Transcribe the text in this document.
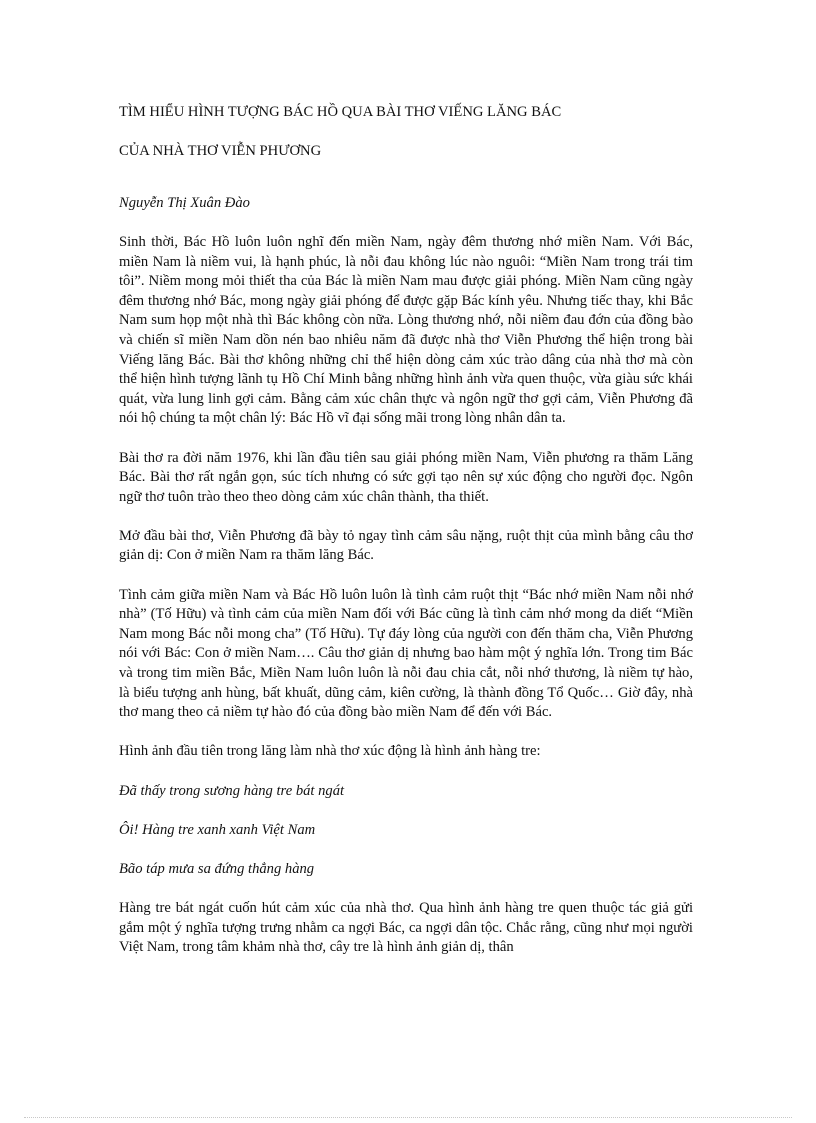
TÌM HIỂU HÌNH TƯỢNG BÁC HỒ QUA BÀI THƠ VIẾNG LĂNG BÁC
CỦA NHÀ THƠ VIỄN PHƯƠNG

Nguyễn Thị Xuân Đào

Sinh thời, Bác Hồ luôn luôn nghĩ đến miền Nam, ngày đêm thương nhớ miền Nam. Với Bác, miền Nam là niềm vui, là hạnh phúc, là nỗi đau không lúc nào nguôi: “Miền Nam trong trái tim tôi”. Niềm mong mỏi thiết tha của Bác là miền Nam mau được giải phóng. Miền Nam cũng ngày đêm thương nhớ Bác, mong ngày giải phóng để được gặp Bác kính yêu. Nhưng tiếc thay, khi Bắc Nam sum họp một nhà thì Bác không còn nữa. Lòng thương nhớ, nỗi niềm đau đớn của đồng bào và chiến sĩ miền Nam dồn nén bao nhiêu năm đã được nhà thơ Viễn Phương thể hiện trong bài Viếng lăng Bác. Bài thơ không những chỉ thể hiện dòng cảm xúc trào dâng của nhà thơ mà còn thể hiện hình tượng lãnh tụ Hồ Chí Minh bằng những hình ảnh vừa quen thuộc, vừa giàu sức khái quát, vừa lung linh gợi cảm. Bằng cảm xúc chân thực và ngôn ngữ thơ gợi cảm, Viễn Phương đã nói hộ chúng ta một chân lý: Bác Hồ vĩ đại sống mãi trong lòng nhân dân ta.

Bài thơ ra đời năm 1976, khi lần đầu tiên sau giải phóng miền Nam, Viễn phương ra thăm Lăng Bác. Bài thơ rất ngắn gọn, súc tích nhưng có sức gợi tạo nên sự xúc động cho người đọc. Ngôn ngữ thơ tuôn trào theo theo dòng cảm xúc chân thành, tha thiết.

Mở đầu bài thơ, Viễn Phương đã bày tỏ ngay tình cảm sâu nặng, ruột thịt của mình bằng câu thơ giản dị: Con ở miền Nam ra thăm lăng Bác.

Tình cảm giữa miền Nam và Bác Hồ luôn luôn là tình cảm ruột thịt “Bác nhớ miền Nam nỗi nhớ nhà” (Tố Hữu) và tình cảm của miền Nam đối với Bác cũng là tình cảm nhớ mong da diết “Miền Nam mong Bác nỗi mong cha” (Tố Hữu). Tự đáy lòng của người con đến thăm cha, Viễn Phương nói với Bác: Con ở miền Nam…. Câu thơ giản dị nhưng bao hàm một ý nghĩa lớn. Trong tim Bác và trong tim miền Bắc, Miền Nam luôn luôn là nỗi đau chia cắt, nỗi nhớ thương, là niềm tự hào, là biểu tượng anh hùng, bất khuất, dũng cảm, kiên cường, là thành đồng Tổ Quốc… Giờ đây, nhà thơ mang theo cả niềm tự hào đó của đồng bào miền Nam để đến với Bác.

Hình ảnh đầu tiên trong lăng làm nhà thơ xúc động là hình ảnh hàng tre:

Đã thấy trong sương hàng tre bát ngát

Ôi! Hàng tre xanh xanh Việt Nam

Bão táp mưa sa đứng thẳng hàng

Hàng tre bát ngát cuốn hút cảm xúc của nhà thơ. Qua hình ảnh hàng tre quen thuộc tác giả gửi gắm một ý nghĩa tượng trưng nhằm ca ngợi Bác, ca ngợi dân tộc. Chắc rằng, cũng như mọi người Việt Nam, trong tâm khảm nhà thơ, cây tre là hình ảnh giản dị, thân
